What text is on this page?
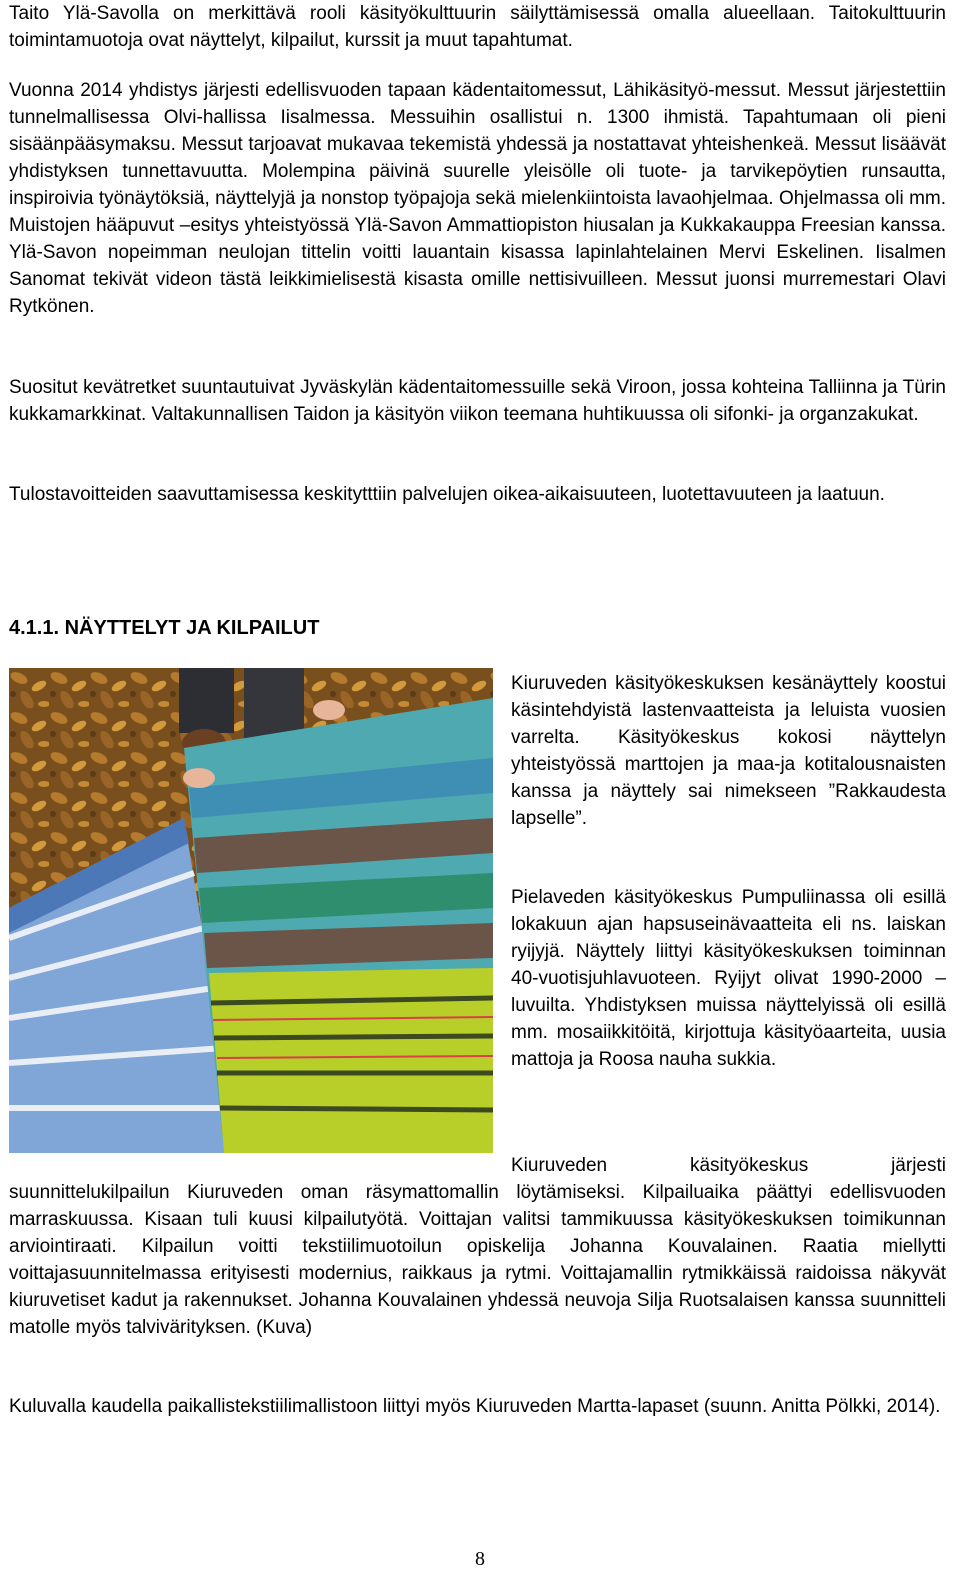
Taito Ylä-Savolla on merkittävä rooli käsityökulttuurin säilyttämisessä omalla alueellaan. Taitokulttuurin toimintamuotoja ovat näyttelyt, kilpailut, kurssit ja muut tapahtumat.

Vuonna 2014 yhdistys järjesti edellisvuoden tapaan kädentaitomessut, Lähikäsityö-messut. Messut järjestettiin tunnelmallisessa Olvi-hallissa Iisalmessa. Messuihin osallistui n. 1300 ihmistä. Tapahtumaan oli pieni sisäänpääsymaksu. Messut tarjoavat mukavaa tekemistä yhdessä ja nostattavat yhteishenkeä. Messut lisäävät yhdistyksen tunnettavuutta. Molempina päivinä suurelle yleisölle oli tuote- ja tarvikepöytien runsautta, inspiroivia työnäytöksiä, näyttelyjä ja nonstop työpajoja sekä mielenkiintoista lavaohjelmaa. Ohjelmassa oli mm. Muistojen hääpuvut –esitys yhteistyössä Ylä-Savon Ammattiopiston hiusalan ja Kukkakauppa Freesian kanssa. Ylä-Savon nopeimman neulojan tittelin voitti lauantain kisassa lapinlahtelainen Mervi Eskelinen. Iisalmen Sanomat tekivät videon tästä leikkimielisestä kisasta omille nettisivuilleen. Messut juonsi murremestari Olavi Rytkönen.

Suositut kevätretket suuntautuivat Jyväskylän kädentaitomessuille sekä Viroon, jossa kohteina Talliinna ja Türin kukkamarkkinat. Valtakunnallisen Taidon ja käsityön viikon teemana huhtikuussa oli sifonki- ja organzakukat.

Tulostavoitteiden saavuttamisessa keskitytttiin palvelujen oikea-aikaisuuteen, luotettavuuteen ja laatuun.

4.1.1. NÄYTTELYT JA KILPAILUT

Kiuruveden käsityökeskuksen kesänäyttely koostui käsintehdyistä lastenvaatteista ja leluista vuosien varrelta. Käsityökeskus kokosi näyttelyn yhteistyössä marttojen ja maa-ja kotitalousnaisten kanssa ja näyttely sai nimekseen ”Rakkaudesta lapselle”.

Pielaveden käsityökeskus Pumpuliinassa oli esillä lokakuun ajan hapsuseinävaatteita eli ns. laiskan ryijyjä. Näyttely liittyi käsityökeskuksen toiminnan 40-vuotisjuhlavuoteen. Ryijyt olivat 1990-2000 –luvuilta. Yhdistyksen muissa näyttelyissä oli esillä mm. mosaiikkitöitä, kirjottuja käsityöaarteita, uusia mattoja ja Roosa nauha sukkia.

Kiuruveden käsityökeskus järjesti

suunnittelukilpailun Kiuruveden oman räsymattomallin löytämiseksi. Kilpailuaika päättyi edellisvuoden marraskuussa. Kisaan tuli kuusi kilpailutyötä. Voittajan valitsi tammikuussa käsityökeskuksen toimikunnan arviointiraati. Kilpailun voitti tekstiilimuotoilun opiskelija Johanna Kouvalainen. Raatia miellytti voittajasuunnitelmassa erityisesti modernius, raikkaus ja rytmi. Voittajamallin rytmikkäissä raidoissa näkyvät kiuruvetiset kadut ja rakennukset. Johanna Kouvalainen yhdessä neuvoja Silja Ruotsalaisen kanssa suunnitteli matolle myös talvivärityksen. (Kuva)

Kuluvalla kaudella paikallistekstiilimallistoon liittyi myös Kiuruveden Martta-lapaset (suunn. Anitta Pölkki, 2014).

8
